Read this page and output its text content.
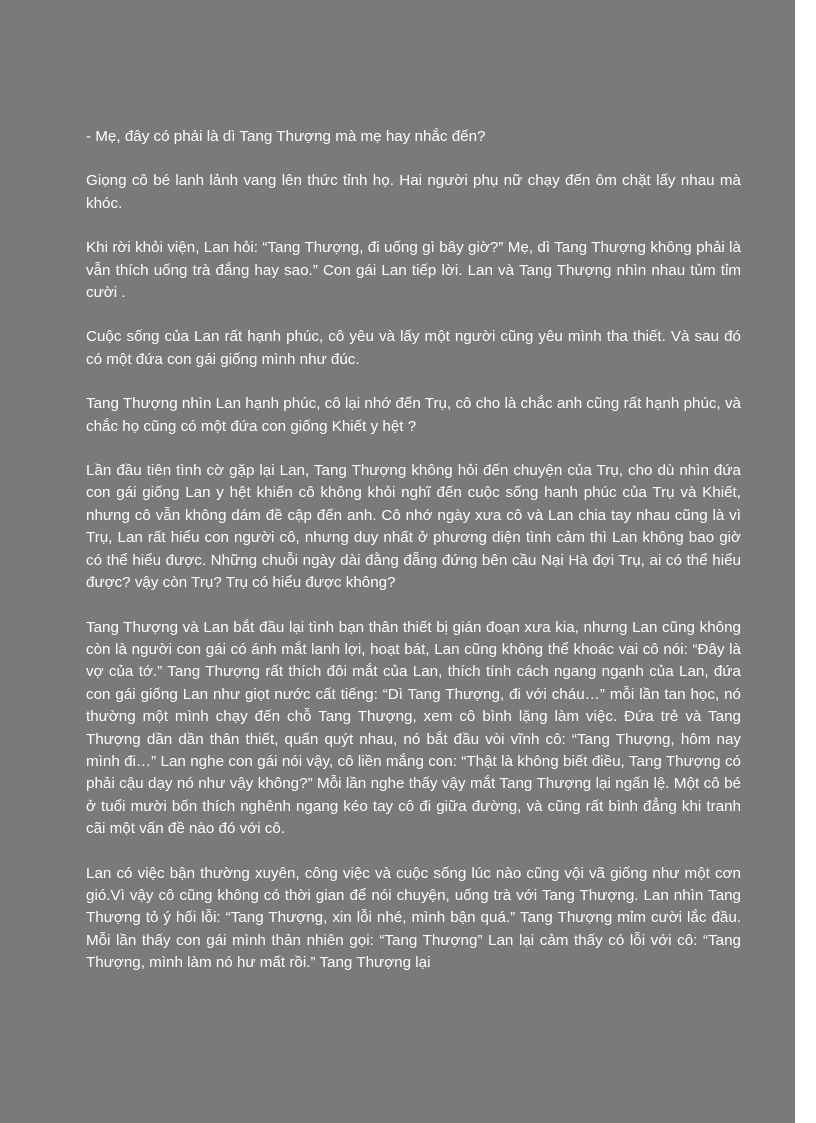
- Mẹ, đây có phải là dì Tang Thượng mà mẹ hay nhắc đến?

Giọng cô bé lanh lảnh vang lên thức tỉnh họ. Hai người phụ nữ chạy đến ôm chặt lấy nhau mà khóc.

Khi rời khỏi viện, Lan hỏi: “Tang Thượng, đi uống gì bây giờ?” Mẹ, dì Tang Thượng không phải là vẫn thích uống trà đắng hay sao.” Con gái Lan tiếp lời. Lan và Tang Thượng nhìn nhau tủm tỉm cười .

Cuộc sống của Lan rất hạnh phúc, cô yêu và lấy một người cũng yêu mình tha thiết. Và sau đó có một đứa con gái giống mình như đúc.

Tang Thượng nhìn Lan hạnh phúc, cô lại nhớ đến Trụ, cô cho là chắc anh cũng rất hạnh phúc, và chắc họ cũng có một đứa con giống Khiết y hệt ?

Lần đầu tiên tình cờ gặp lại Lan, Tang Thượng không hỏi đến chuyện của Trụ, cho dù nhìn đứa con gái giống Lan y hệt khiến cô không khỏi nghĩ đến cuộc sống hanh phúc của Trụ và Khiết, nhưng cô vẫn không dám đề cập đến anh. Cô nhớ ngày xưa cô và Lan chia tay nhau cũng là vì Trụ, Lan rất hiểu con người cô, nhưng duy nhất ở phương diện tình cảm thì Lan không bao giờ có thể hiểu được. Những chuỗi ngày dài đằng đẵng đứng bên cầu Nại Hà đợi Trụ, ai có thể hiểu được? vậy còn Trụ? Trụ có hiểu được không?

Tang Thượng và Lan bắt đầu lại tình bạn thân thiết bị gián đoạn xưa kia, nhưng Lan cũng không còn là người con gái có ánh mắt lanh lợi, hoạt bát, Lan cũng không thể khoác vai cô nói: “Đây là vợ của tớ.” Tang Thượng rất thích đôi mắt của Lan, thích tính cách ngang ngạnh của Lan, đứa con gái giống Lan như giọt nước cất tiếng: “Dì Tang Thượng, đi với cháu…” mỗi lần tan học, nó thường một mình chạy đến chỗ Tang Thượng, xem cô bình lặng làm việc. Đứa trẻ và Tang Thượng dần dần thân thiết, quấn quýt nhau, nó bắt đầu vòi vĩnh cô: “Tang Thượng, hôm nay mình đi…” Lan nghe con gái nói vậy, cô liền mắng con: “Thật là không biết điều, Tang Thượng có phải cậu dạy nó như vậy không?” Mỗi lần nghe thấy vậy mắt Tang Thượng lại ngấn lệ. Một cô bé ở tuổi mười bốn thích nghênh ngang kéo tay cô đi giữa đường, và cũng rất bình đẳng khi tranh cãi một vấn đề nào đó với cô.

Lan có việc bận thường xuyên, công việc và cuộc sống lúc nào cũng vội vã giống như một cơn gió.Vì vậy cô cũng không có thời gian để nói chuyện, uống trà với Tang Thượng. Lan nhìn Tang Thượng tỏ ý hối lỗi: “Tang Thượng, xin lỗi nhé, mình bận quá.” Tang Thượng mỉm cười lắc đầu. Mỗi lần thấy con gái mình thản nhiên gọi: “Tang Thượng” Lan lại cảm thấy có lỗi với cô: “Tang Thượng, mình làm nó hư mất rồi.” Tang Thượng lại
